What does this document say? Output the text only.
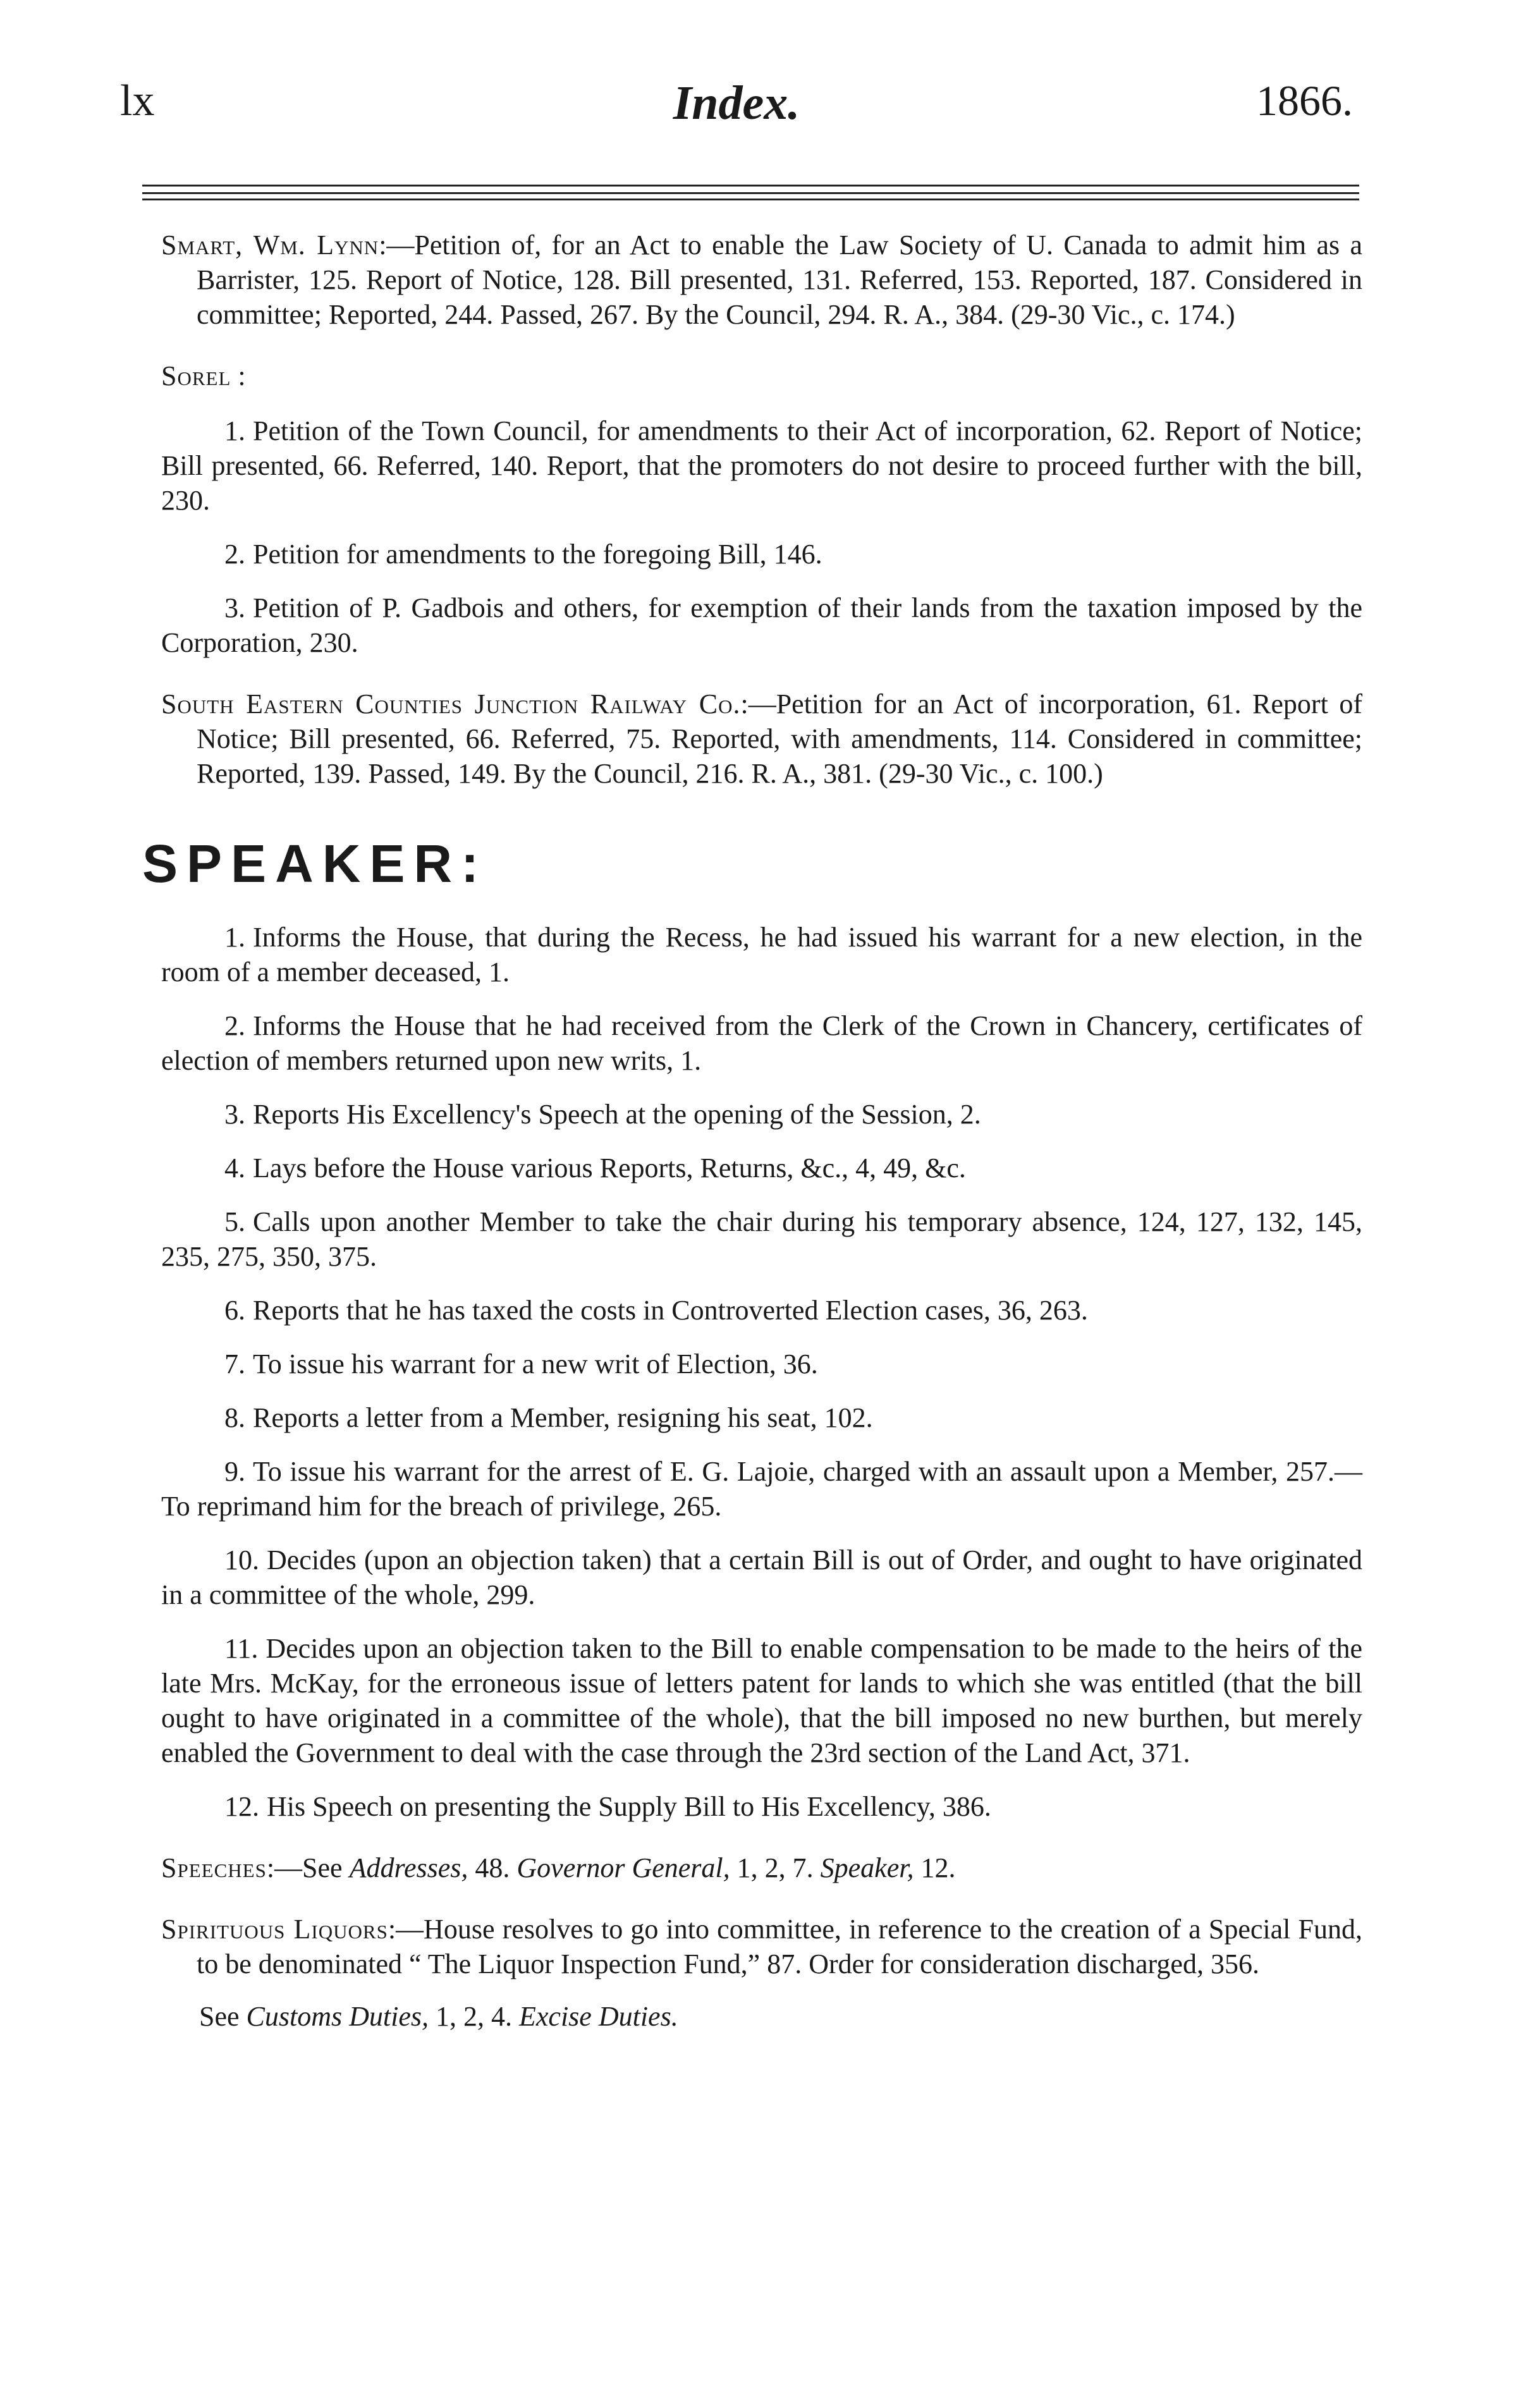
lx	Index.	1866.

Smart, Wm. Lynn:—Petition of, for an Act to enable the Law Society of U. Canada to admit him as a Barrister, 125. Report of Notice, 128. Bill presented, 131. Referred, 153. Reported, 187. Considered in committee; Reported, 244. Passed, 267. By the Council, 294. R. A., 384. (29-30 Vic., c. 174.)

Sorel :

1. Petition of the Town Council, for amendments to their Act of incorporation, 62. Report of Notice; Bill presented, 66. Referred, 140. Report, that the promoters do not desire to proceed further with the bill, 230.

2. Petition for amendments to the foregoing Bill, 146.

3. Petition of P. Gadbois and others, for exemption of their lands from the taxation imposed by the Corporation, 230.

South Eastern Counties Junction Railway Co.:—Petition for an Act of incorporation, 61. Report of Notice; Bill presented, 66. Referred, 75. Reported, with amendments, 114. Considered in committee; Reported, 139. Passed, 149. By the Council, 216. R. A., 381. (29-30 Vic., c. 100.)

SPEAKER:

1. Informs the House, that during the Recess, he had issued his warrant for a new election, in the room of a member deceased, 1.

2. Informs the House that he had received from the Clerk of the Crown in Chancery, certificates of election of members returned upon new writs, 1.

3. Reports His Excellency's Speech at the opening of the Session, 2.

4. Lays before the House various Reports, Returns, &c., 4, 49, &c.

5. Calls upon another Member to take the chair during his temporary absence, 124, 127, 132, 145, 235, 275, 350, 375.

6. Reports that he has taxed the costs in Controverted Election cases, 36, 263.

7. To issue his warrant for a new writ of Election, 36.

8. Reports a letter from a Member, resigning his seat, 102.

9. To issue his warrant for the arrest of E. G. Lajoie, charged with an assault upon a Member, 257.—To reprimand him for the breach of privilege, 265.

10. Decides (upon an objection taken) that a certain Bill is out of Order, and ought to have originated in a committee of the whole, 299.

11. Decides upon an objection taken to the Bill to enable compensation to be made to the heirs of the late Mrs. McKay, for the erroneous issue of letters patent for lands to which she was entitled (that the bill ought to have originated in a committee of the whole), that the bill imposed no new burthen, but merely enabled the Government to deal with the case through the 23rd section of the Land Act, 371.

12. His Speech on presenting the Supply Bill to His Excellency, 386.

Speeches:—See Addresses, 48. Governor General, 1, 2, 7. Speaker, 12.

Spirituous Liquors:—House resolves to go into committee, in reference to the creation of a Special Fund, to be denominated “ The Liquor Inspection Fund,” 87. Order for consideration discharged, 356.

See Customs Duties, 1, 2, 4. Excise Duties.
